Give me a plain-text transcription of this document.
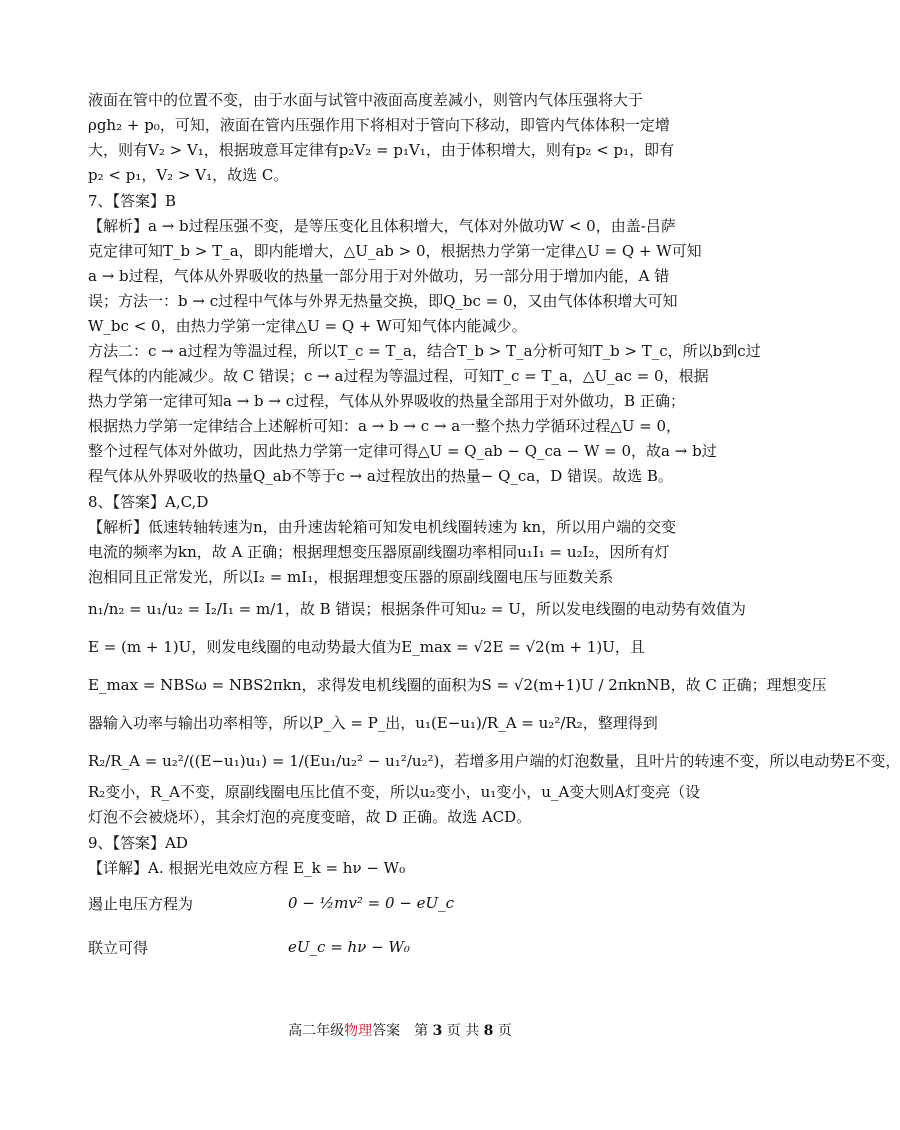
液面在管中的位置不变，由于水面与试管中液面高度差减小，则管内气体压强将大于

ρgh₂ + p₀，可知，液面在管内压强作用下将相对于管向下移动，即管内气体体积一定增

大，则有V₂ > V₁，根据玻意耳定律有p₂V₂ = p₁V₁，由于体积增大，则有p₂ < p₁，即有

p₂ < p₁，V₂ > V₁，故选 C。

7、【答案】B

【解析】a → b过程压强不变，是等压变化且体积增大，气体对外做功W < 0，由盖-吕萨

克定律可知T_b > T_a，即内能增大，△U_ab > 0，根据热力学第一定律△U = Q + W可知

a → b过程，气体从外界吸收的热量一部分用于对外做功，另一部分用于增加内能，A 错

误；方法一：b → c过程中气体与外界无热量交换，即Q_bc = 0，又由气体体积增大可知

W_bc < 0，由热力学第一定律△U = Q + W可知气体内能减少。

方法二：c → a过程为等温过程，所以T_c = T_a，结合T_b > T_a分析可知T_b > T_c，所以b到c过

程气体的内能减少。故 C 错误；c → a过程为等温过程，可知T_c = T_a，△U_ac = 0，根据

热力学第一定律可知a → b → c过程，气体从外界吸收的热量全部用于对外做功，B 正确；

根据热力学第一定律结合上述解析可知：a → b → c → a一整个热力学循环过程△U = 0，

整个过程气体对外做功，因此热力学第一定律可得△U = Q_ab − Q_ca − W = 0，故a → b过

程气体从外界吸收的热量Q_ab不等于c → a过程放出的热量− Q_ca，D 错误。故选 B。

8、【答案】A,C,D

【解析】低速转轴转速为n，由升速齿轮箱可知发电机线圈转速为 kn，所以用户端的交变

电流的频率为kn，故 A 正确；根据理想变压器原副线圈功率相同u₁I₁ = u₂I₂，因所有灯

泡相同且正常发光，所以I₂ = mI₁，根据理想变压器的原副线圈电压与匝数关系

n₁/n₂ = u₁/u₂ = I₂/I₁ = m/1，故 B 错误；根据条件可知u₂ = U，所以发电线圈的电动势有效值为

E = (m + 1)U，则发电线圈的电动势最大值为E_max = √2E = √2(m + 1)U，且

E_max = NBSω = NBS2πkn，求得发电机线圈的面积为S = √2(m+1)U / 2πknNB，故 C 正确；理想变压

器输入功率与输出功率相等，所以P_入 = P_出，u₁(E−u₁)/R_A = u₂²/R₂，整理得到

R₂/R_A = u₂²/((E−u₁)u₁) = 1/(Eu₁/u₂² − u₁²/u₂²)，若增多用户端的灯泡数量，且叶片的转速不变，所以电动势E不变，

R₂变小，R_A不变，原副线圈电压比值不变，所以u₂变小，u₁变小，u_A变大则A灯变亮（设

灯泡不会被烧坏），其余灯泡的亮度变暗，故 D 正确。故选 ACD。

9、【答案】AD

【详解】A. 根据光电效应方程 E_k = hν − W₀

遏止电压方程为	0 − ½mv² = 0 − eU_c
联立可得	eU_c = hν − W₀
高二年级物理答案　第 3 页 共 8 页
